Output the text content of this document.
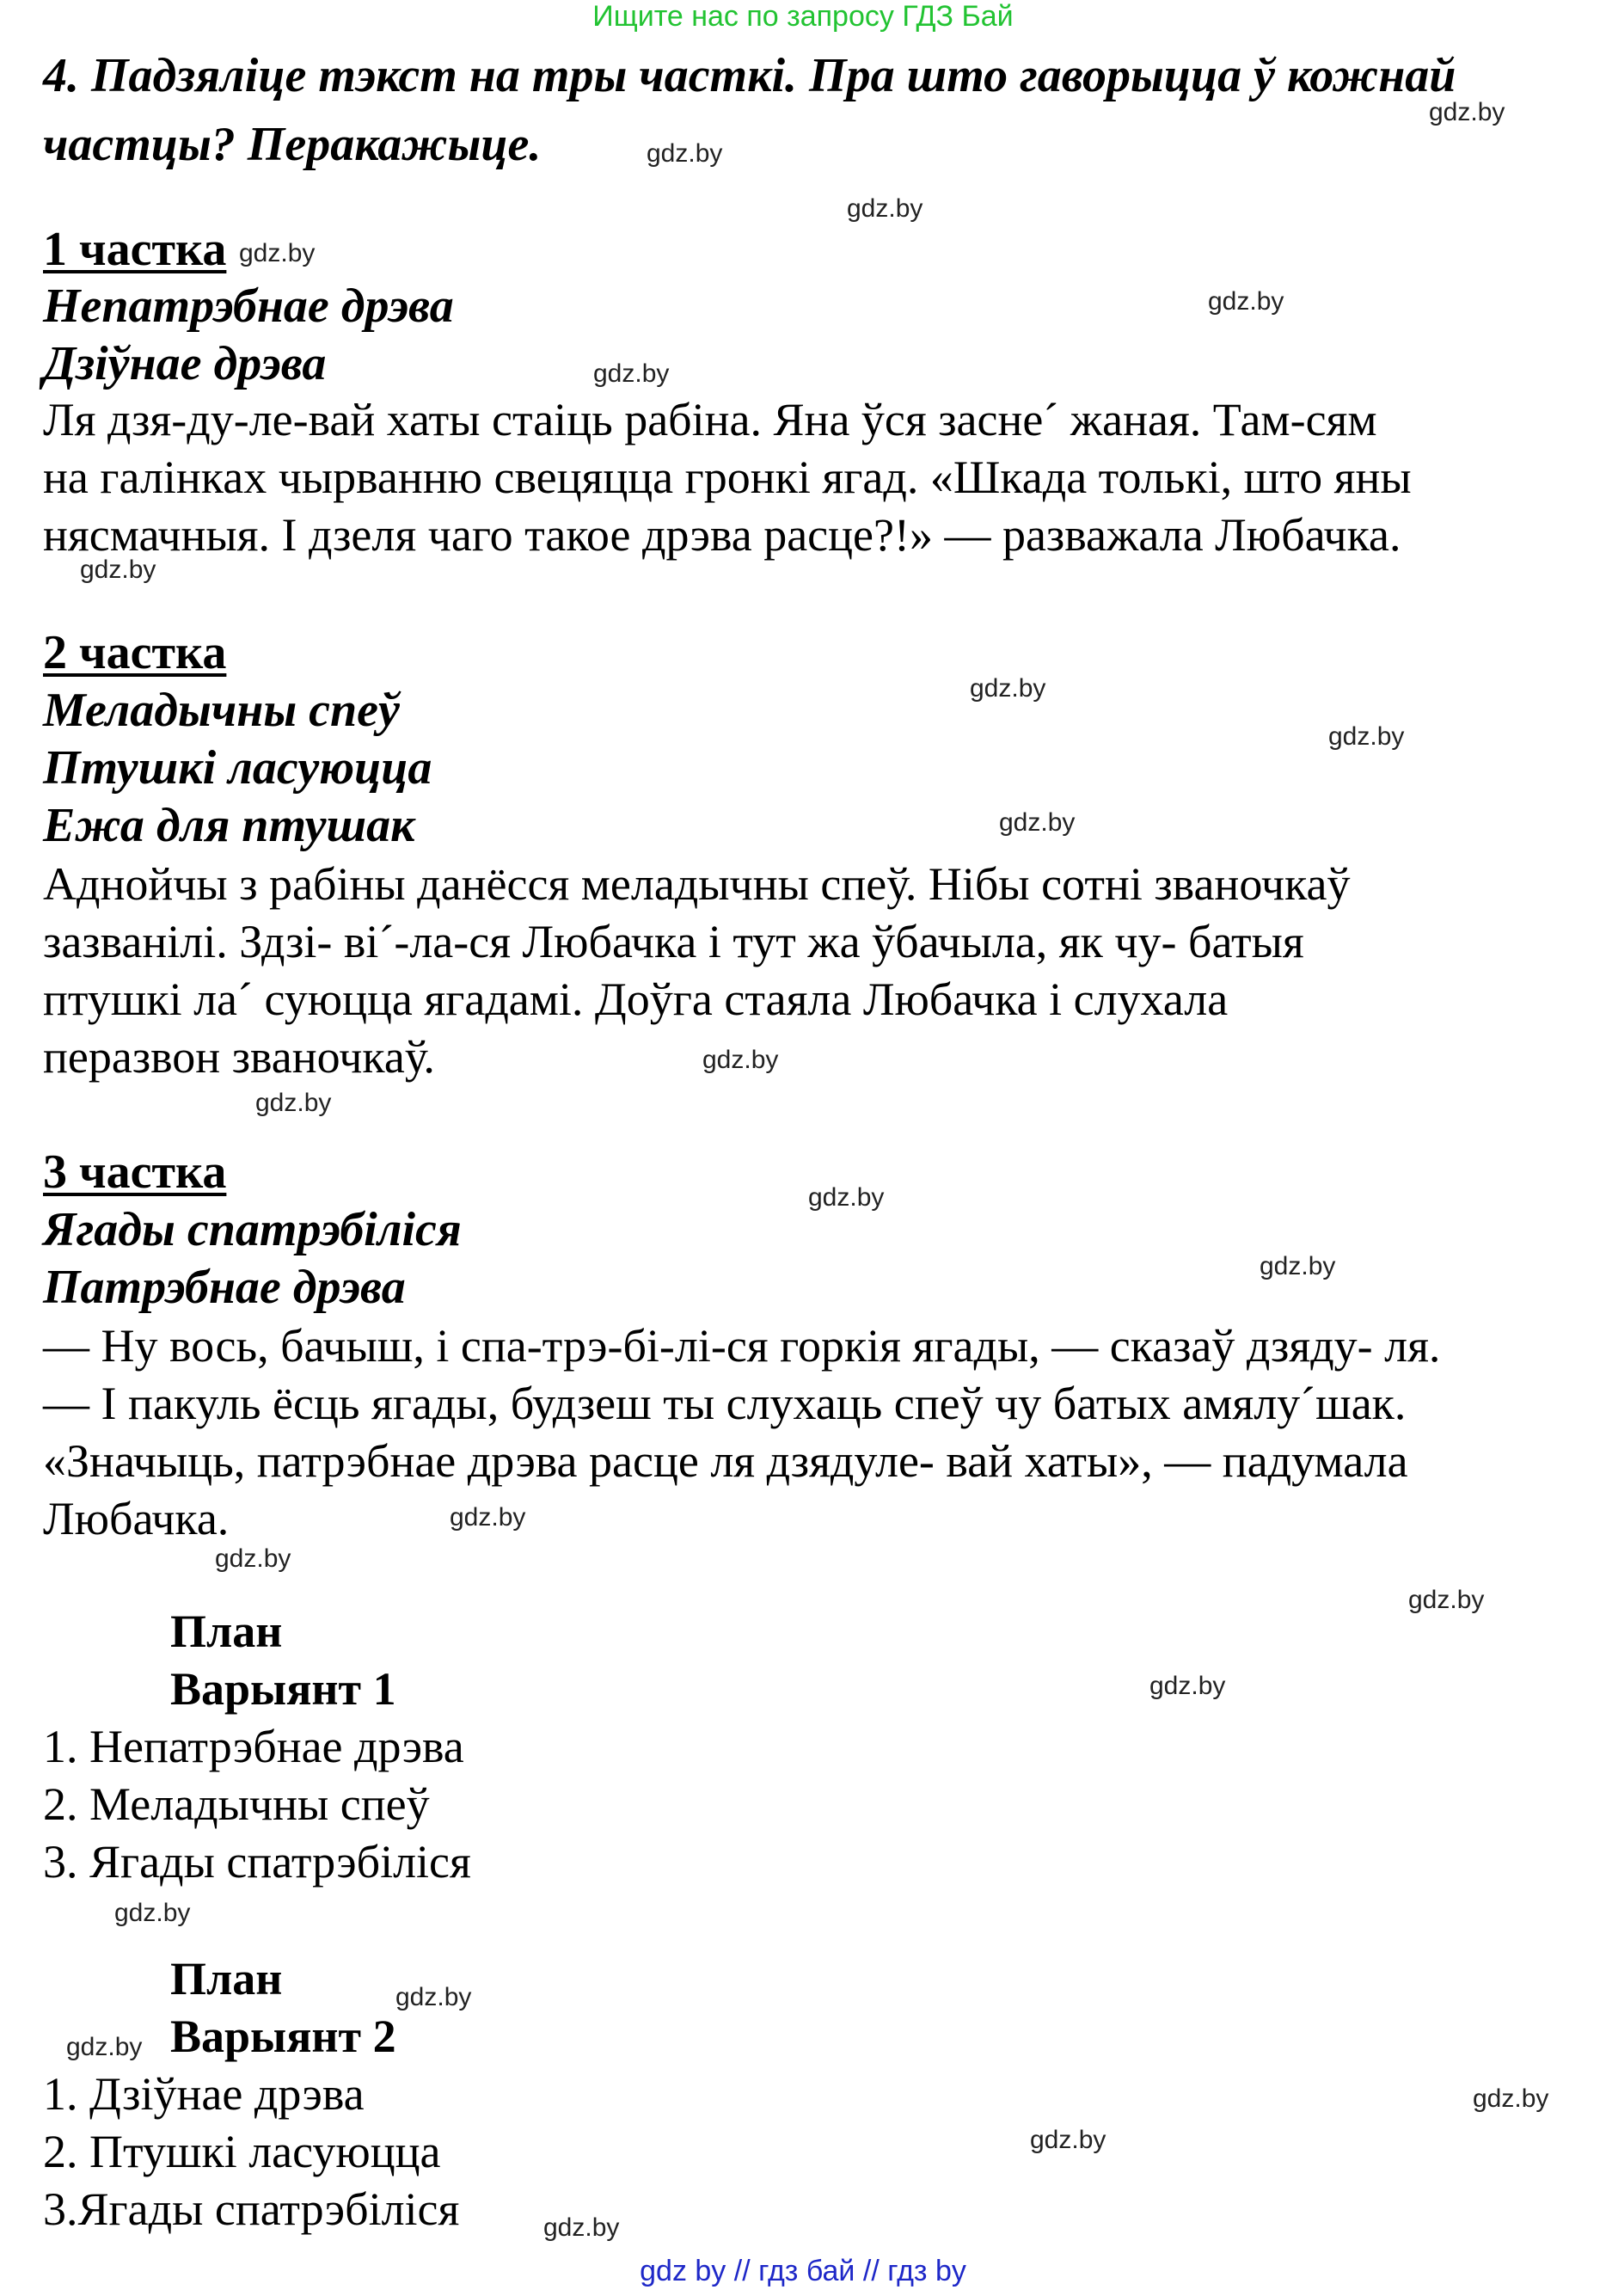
Ищите нас по запросу ГДЗ Бай
gdz by // гдз бай // гдз by
4. Падзяліце тэкст на тры часткі. Пра што гаворыцца ў кожнай частцы? Перакажыце.
1 частка
Непатрэбнае дрэва
Дзіўнае дрэва
Ля дзя-ду-ле-вай хаты стаіць рабіна. Яна ўся засне´ жаная. Там-сям
на галінках чырванню свецяцца гронкі ягад. «Шкада толькі, што яны
нясмачныя. І дзеля чаго такое дрэва расце?!» — разважала Любачка.
2 частка
Меладычны спеў
Птушкі ласуюцца
Ежа для птушак
Аднойчы з рабіны данёсся меладычны спеў. Нібы сотні званочкаў
зазванілі. Здзі- ві´-ла-ся Любачка і тут жа ўбачыла, як чу- батыя
птушкі ла´ суюцца ягадамі. Доўга стаяла Любачка і слухала
перазвон званочкаў.
3 частка
Ягады спатрэбіліся
Патрэбнае дрэва
— Ну вось, бачыш, і спа-трэ-бі-лі-ся горкія ягады, — сказаў дзяду- ля.
— І пакуль ёсць ягады, будзеш ты слухаць спеў чу батых амялу´шак.
«Значыць, патрэбнае дрэва расце ля дзядуле- вай хаты», — падумала
Любачка.
План
Варыянт 1
1. Непатрэбнае дрэва
2. Меладычны спеў
3. Ягады спатрэбіліся
План
Варыянт 2
1. Дзіўнае дрэва
2. Птушкі ласуюцца
3.Ягады спатрэбіліся
gdz.by
gdz.by
gdz.by
gdz.by
gdz.by
gdz.by
gdz.by
gdz.by
gdz.by
gdz.by
gdz.by
gdz.by
gdz.by
gdz.by
gdz.by
gdz.by
gdz.by
gdz.by
gdz.by
gdz.by
gdz.by
gdz.by
gdz.by
gdz.by
